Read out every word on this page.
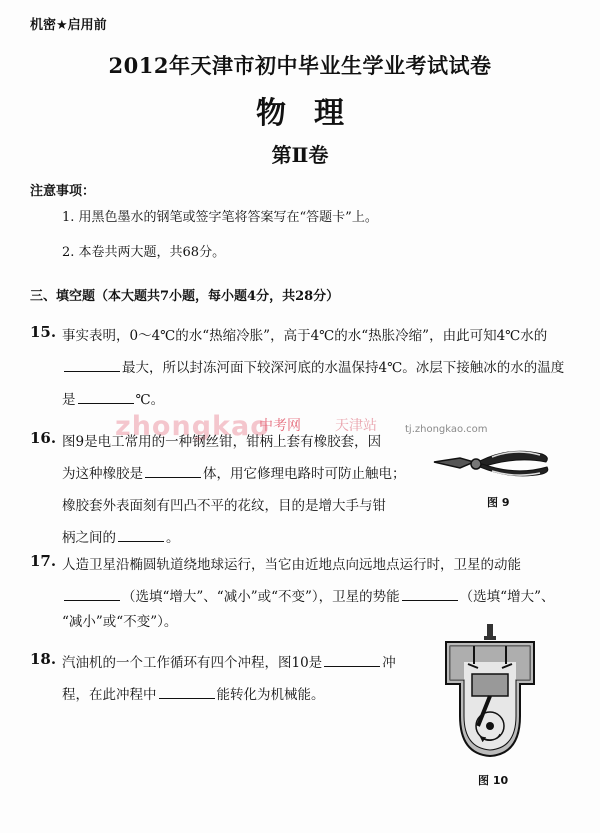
机密★启用前
2012年天津市初中毕业生学业考试试卷
物理
第Ⅱ卷
注意事项：
1. 用黑色墨水的钢笔或签字笔将答案写在“答题卡”上。
2. 本卷共两大题，共68分。
三、填空题（本大题共7小题，每小题4分，共28分）
15. 事实表明，0～4℃的水“热缩冷胀”，高于4℃的水“热胀冷缩”，由此可知4℃水的
最大，所以封冻河面下较深河底的水温保持4℃。冰层下接触冰的水的温度
是	℃。
zhongkao
中考网 天津站	tj.zhongkao.com
16. 图9是电工常用的一种钢丝钳，钳柄上套有橡胶套，因
为这种橡胶是	体，用它修理电路时可防止触电；
橡胶套外表面刻有凹凸不平的花纹，目的是增大手与钳
柄之间的	。
图 9
17. 人造卫星沿椭圆轨道绕地球运行，当它由近地点向远地点运行时，卫星的动能
（选填“增大”、“减小”或“不变”），卫星的势能	（选填“增大”、
“减小”或“不变”）。
18. 汽油机的一个工作循环有四个冲程，图10是	冲
程，在此冲程中	能转化为机械能。
图 10
